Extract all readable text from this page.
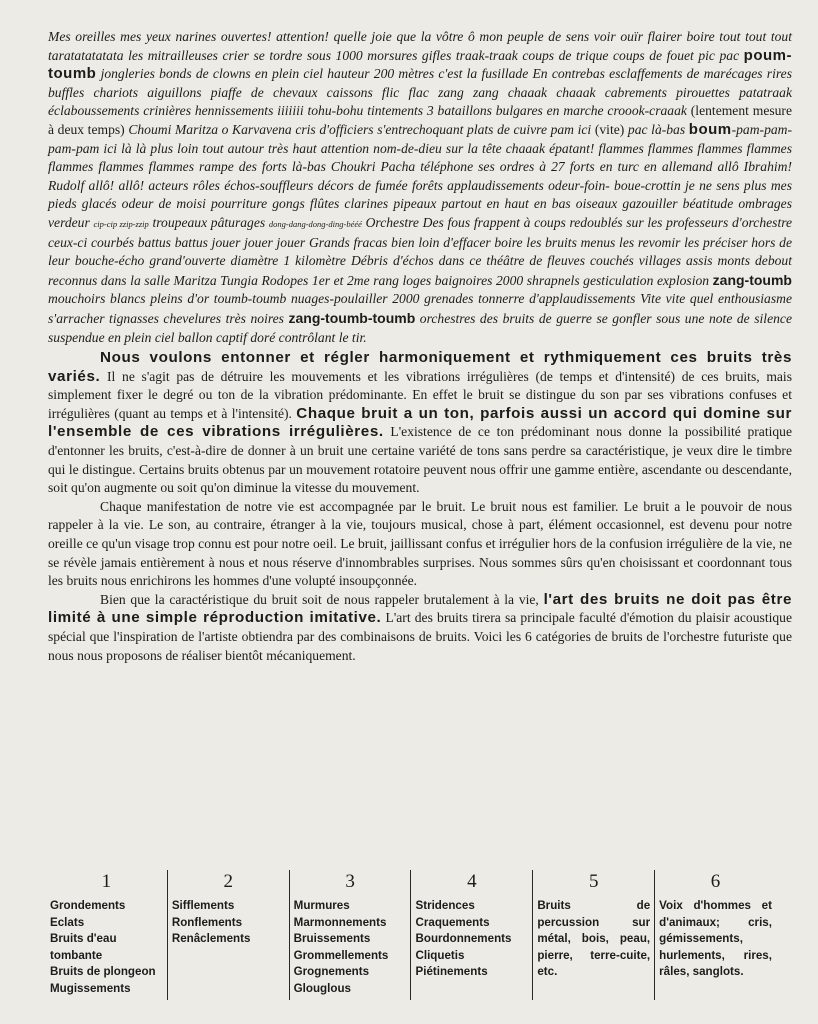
Mes oreilles mes yeux narines ouvertes! attention! quelle joie que la vôtre ô mon peuple de sens voir ouïr flairer boire tout tout tout taratatatatata les mitrailleuses crier se tordre sous 1000 morsures gifles traak-traak coups de trique coups de fouet pic pac poum-toumb jongleries bonds de clowns en plein ciel hauteur 200 mètres c'est la fusillade En contrebas esclaffements de marécages rires buffles chariots aiguillons piaffe de chevaux caissons flic flac zang zang chaaak chaaak cabrements pirouettes patatraak éclaboussements crinières hennissements iiiiiii tohu-bohu tintements 3 bataillons bulgares en marche croook-craaak (lentement mesure à deux temps) Choumi Maritza o Karvavena cris d'officiers s'entrechoquant plats de cuivre pam ici (vite) pac là-bas boum-pam-pam-pam-pam ici là là plus loin tout autour très haut attention nom-de-dieu sur la tête chaaak épatant! flammes flammes flammes flammes flammes flammes flammes rampe des forts là-bas Choukri Pacha téléphone ses ordres à 27 forts en turc en allemand allô Ibrahim! Rudolf allô! allô! acteurs rôles échos-souffleurs décors de fumée forêts applaudissements odeur-foin- boue-crottin je ne sens plus mes pieds glacés odeur de moisi pourriture gongs flûtes clarines pipeaux partout en haut en bas oiseaux gazouiller béatitude ombrages verdeur cip-cip zzip-zzip troupeaux pâturages dong-dang-dong-ding-bééé Orchestre Des fous frappent à coups redoublés sur les professeurs d'orchestre ceux-ci courbés battus battus jouer jouer jouer Grands fracas bien loin d'effacer boire les bruits menus les revomir les préciser hors de leur bouche-écho grand'ouverte diamètre 1 kilomètre Débris d'échos dans ce théâtre de fleuves couchés villages assis monts debout reconnus dans la salle Maritza Tungia Rodopes 1er et 2me rang loges baignoires 2000 shrapnels gesticulation explosion zang-toumb mouchoirs blancs pleins d'or toumb-toumb nuages-poulailler 2000 grenades tonnerre d'applaudissements Vite vite quel enthousiasme s'arracher tignasses chevelures très noires zang-toumb-toumb orchestres des bruits de guerre se gonfler sous une note de silence suspendue en plein ciel ballon captif doré contrôlant le tir.

Nous voulons entonner et régler harmoniquement et rythmiquement ces bruits très variés. Il ne s'agit pas de détruire les mouvements et les vibrations irrégulières (de temps et d'intensité) de ces bruits, mais simplement fixer le degré ou ton de la vibration prédominante. En effet le bruit se distingue du son par ses vibrations confuses et irrégulières (quant au temps et à l'intensité). Chaque bruit a un ton, parfois aussi un accord qui domine sur l'ensemble de ces vibrations irrégulières. L'existence de ce ton prédominant nous donne la possibilité pratique d'entonner les bruits, c'est-à-dire de donner à un bruit une certaine variété de tons sans perdre sa caractéristique, je veux dire le timbre qui le distingue. Certains bruits obtenus par un mouvement rotatoire peuvent nous offrir une gamme entière, ascendante ou descendante, soit qu'on augmente ou soit qu'on diminue la vitesse du mouvement.

Chaque manifestation de notre vie est accompagnée par le bruit. Le bruit nous est familier. Le bruit a le pouvoir de nous rappeler à la vie. Le son, au contraire, étranger à la vie, toujours musical, chose à part, élément occasionnel, est devenu pour notre oreille ce qu'un visage trop connu est pour notre oeil. Le bruit, jaillissant confus et irrégulier hors de la confusion irrégulière de la vie, ne se révèle jamais entièrement à nous et nous réserve d'innombrables surprises. Nous sommes sûrs qu'en choisissant et coordonnant tous les bruits nous enrichirons les hommes d'une volupté insoupçonnée.

Bien que la caractéristique du bruit soit de nous rappeler brutalement à la vie, l'art des bruits ne doit pas être limité à une simple réproduction imitative. L'art des bruits tirera sa principale faculté d'émotion du plaisir acoustique spécial que l'inspiration de l'artiste obtiendra par des combinaisons de bruits. Voici les 6 catégories de bruits de l'orchestre futuriste que nous nous proposons de réaliser bientôt mécaniquement.

1
Grondements
Eclats
Bruits d'eau tombante
Bruits de plongeon
Mugissements
2
Sifflements
Ronflements
Renâclements
3
Murmures
Marmonnements
Bruissements
Grommellements
Grognements
Glouglous
4
Stridences
Craquements
Bourdonnements
Cliquetis
Piétinements
5
Bruits de percussion sur métal, bois, peau, pierre, terre-cuite, etc.
6
Voix d'hommes et d'animaux; cris, gémissements, hurlements, rires, râles, sanglots.
